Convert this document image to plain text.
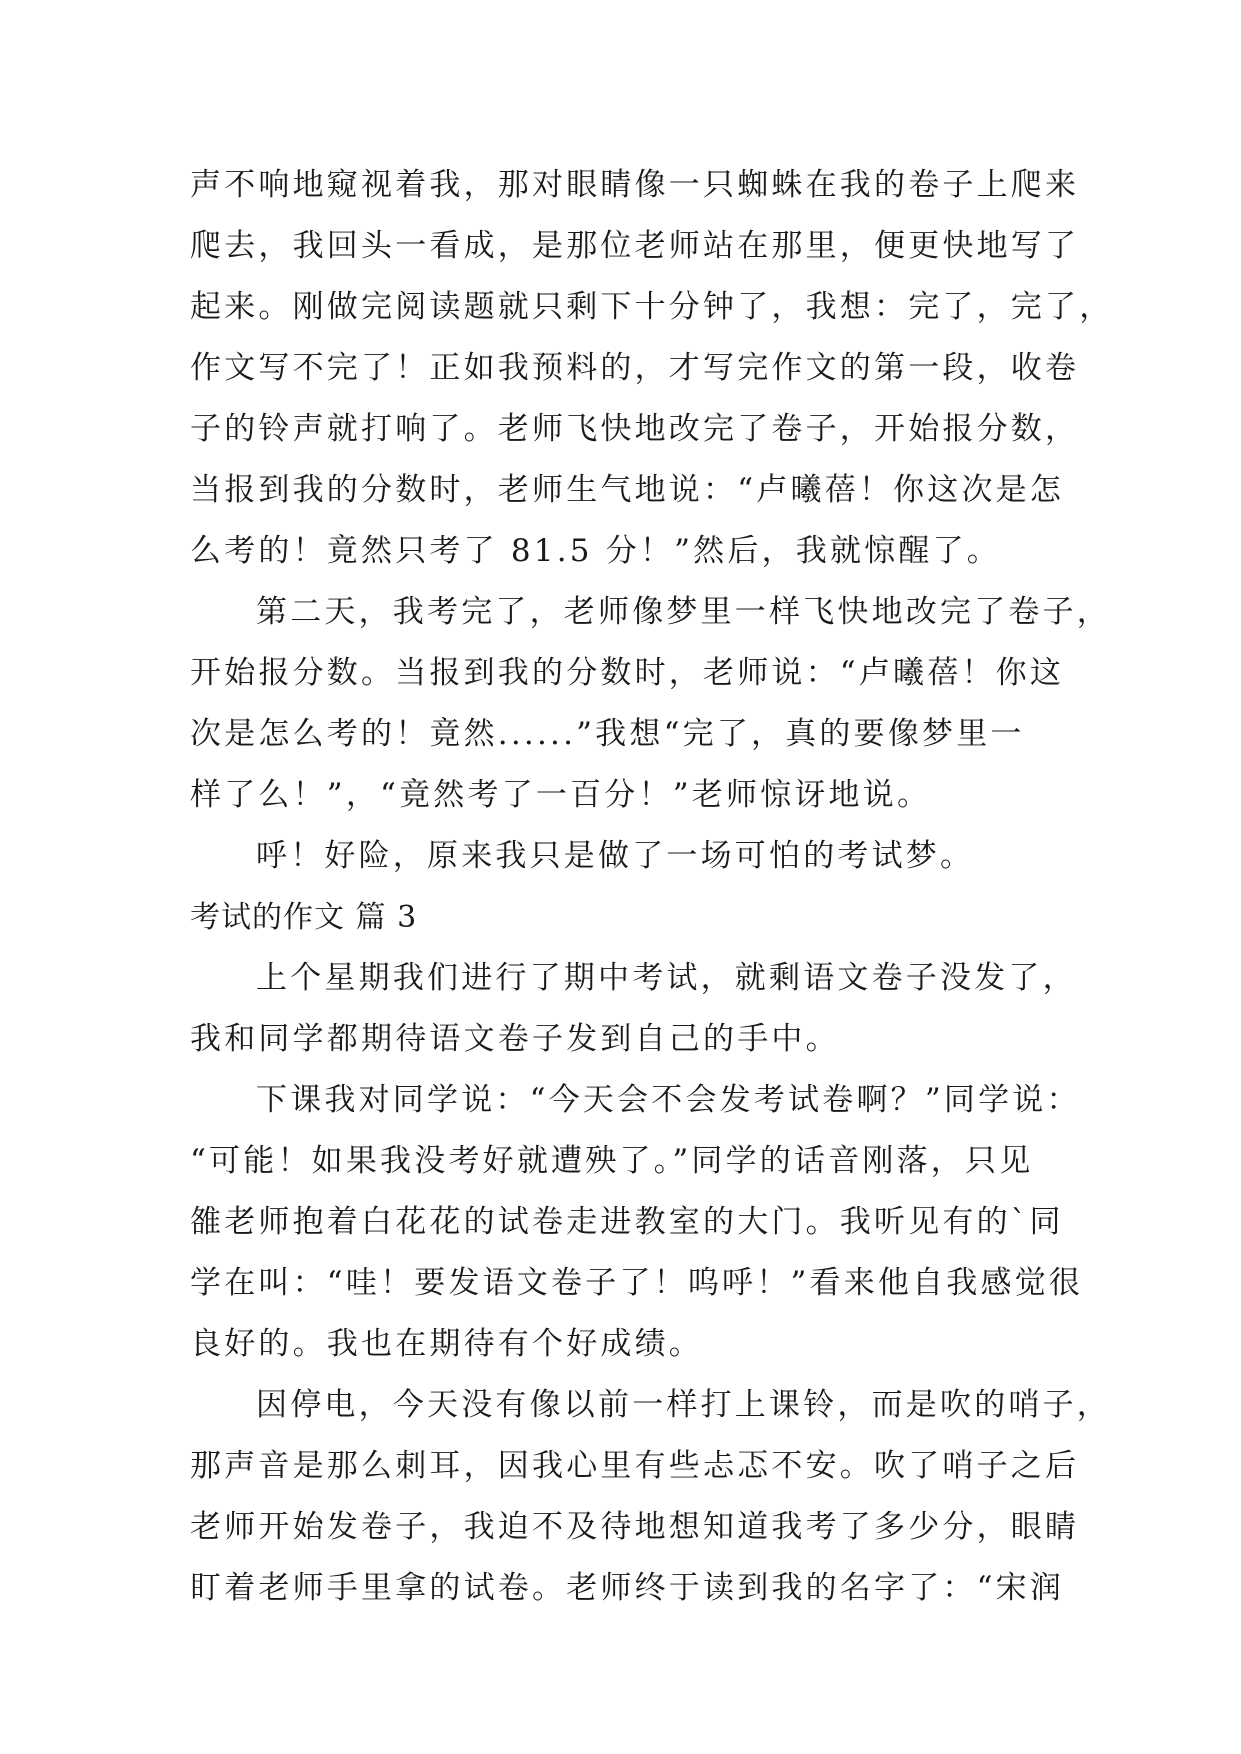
声不响地窥视着我，那对眼睛像一只蜘蛛在我的卷子上爬来
爬去，我回头一看成，是那位老师站在那里，便更快地写了
起来。刚做完阅读题就只剩下十分钟了，我想：完了，完了，
作文写不完了！正如我预料的，才写完作文的第一段，收卷
子的铃声就打响了。老师飞快地改完了卷子，开始报分数，
当报到我的分数时，老师生气地说：“卢曦蓓！你这次是怎
么考的！竟然只考了 81.5 分！”然后，我就惊醒了。
第二天，我考完了，老师像梦里一样飞快地改完了卷子，
开始报分数。当报到我的分数时，老师说：“卢曦蓓！你这
次是怎么考的！竟然......”我想“完了，真的要像梦里一
样了么！”，“竟然考了一百分！”老师惊讶地说。
呼！好险，原来我只是做了一场可怕的考试梦。
考试的作文 篇 3
上个星期我们进行了期中考试，就剩语文卷子没发了，
我和同学都期待语文卷子发到自己的手中。
下课我对同学说：“今天会不会发考试卷啊？”同学说：
“可能！如果我没考好就遭殃了。”同学的话音刚落，只见
雒老师抱着白花花的试卷走进教室的大门。我听见有的`同
学在叫：“哇！要发语文卷子了！呜呼！”看来他自我感觉很
良好的。我也在期待有个好成绩。
因停电，今天没有像以前一样打上课铃，而是吹的哨子，
那声音是那么刺耳，因我心里有些忐忑不安。吹了哨子之后
老师开始发卷子，我迫不及待地想知道我考了多少分，眼睛
盯着老师手里拿的试卷。老师终于读到我的名字了：“宋润
